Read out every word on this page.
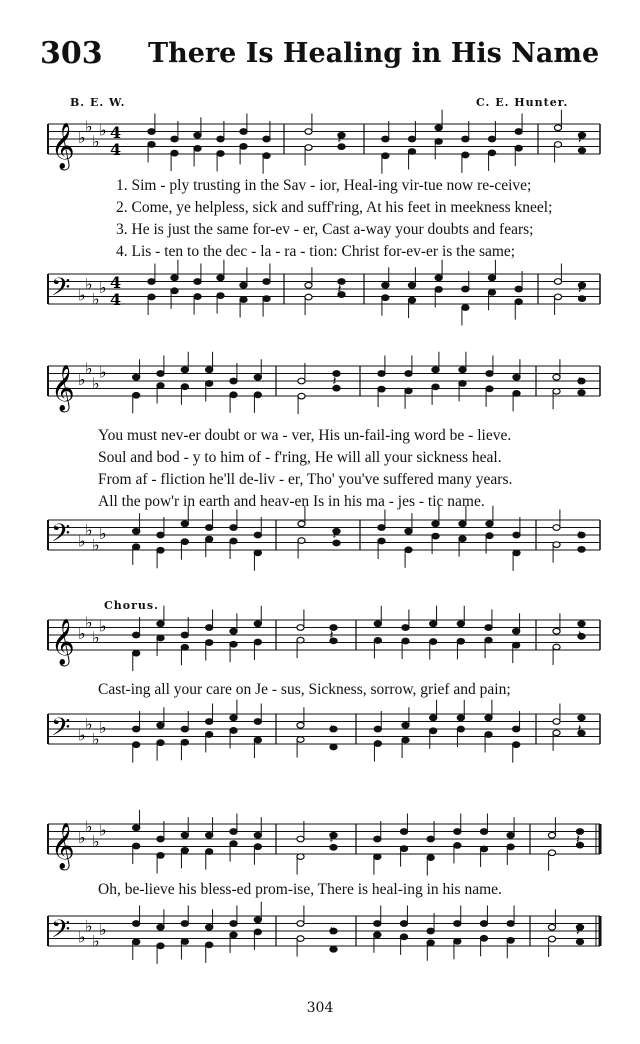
303 There Is Healing in His Name
B. E. W.	C. E. Hunter.
𝄞 ♭
♭
♭
♭ 4
4	𝄽	𝄽
1. Sim - ply trusting in the Sav - ior, Heal-ing vir-tue now re-ceive;
2. Come, ye helpless, sick and suff'ring, At his feet in meekness kneel;
3. He is just the same for-ev - er, Cast a-way your doubts and fears;
4. Lis - ten to the dec - la - ra - tion: Christ for-ev-er is the same;
𝄢 ♭
♭
♭
♭ 4
4	𝄽	𝄽
𝄞 ♭
♭
♭
♭
𝄽	𝄽
You must nev-er doubt or wa - ver, His un-fail-ing word be - lieve.
Soul and bod - y to him of - f'ring, He will all your sickness heal.
From af - fliction he'll de-liv - er, Tho' you've suffered many years.
All the pow'r in earth and heav-en Is in his ma - jes - tic name.
𝄢 ♭
♭
♭
♭	𝄽	𝄽
Chorus.
𝄞 ♭
♭
♭
♭
𝄽	𝄽
Cast-ing all your care on Je - sus, Sickness, sorrow, grief and pain;
𝄢 ♭
♭
♭
♭	𝄽	𝄽
𝄞 ♭
♭
♭
♭
𝄽	𝄽
Oh, be-lieve his bless-ed prom-ise, There is heal-ing in his name.
𝄢 ♭
♭
♭
♭	𝄽	𝄽
304
